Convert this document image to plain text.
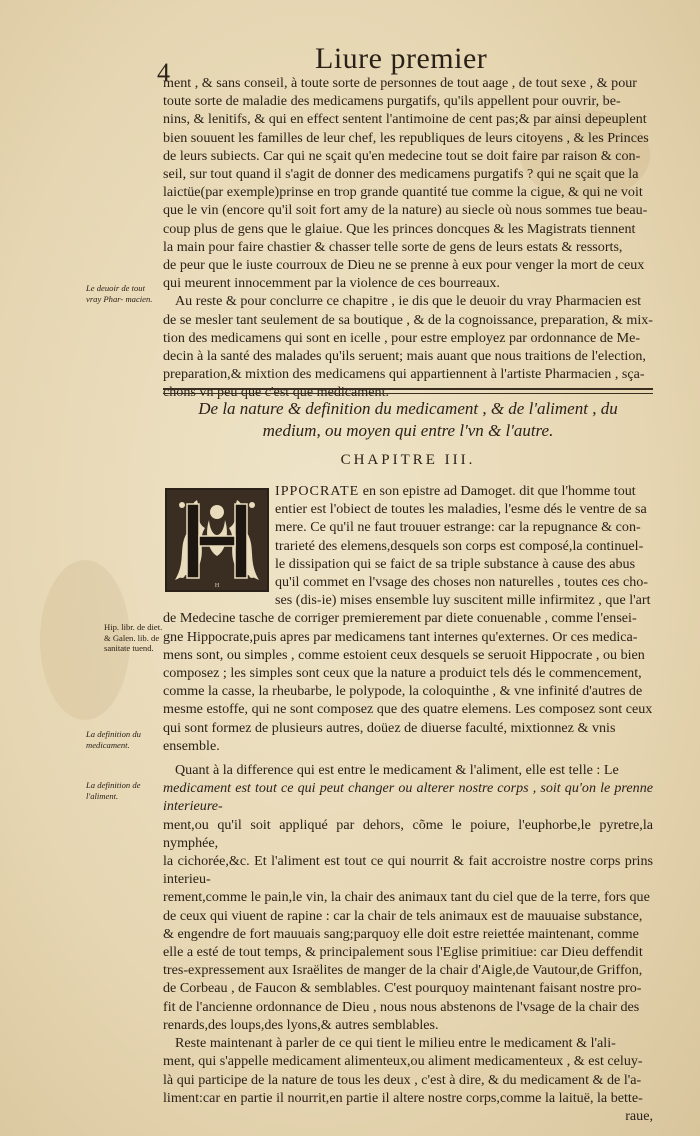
4	Liure premier

ment , & sans conseil, à toute sorte de personnes de tout aage , de tout sexe , & pour

toute sorte de maladie des medicamens purgatifs, qu'ils appellent pour ouvrir, be-

nins, & lenitifs, & qui en effect sentent l'antimoine de cent pas;& par ainsi depeuplent

bien souuent les familles de leur chef, les republiques de leurs citoyens , & les Princes

de leurs subiects. Car qui ne sçait qu'en medecine tout se doit faire par raison & con-

seil, sur tout quand il s'agit de donner des medicamens purgatifs ? qui ne sçait que la

laictüe(par exemple)prinse en trop grande quantité tue comme la cigue, & qui ne voit

que le vin (encore qu'il soit fort amy de la nature) au siecle où nous sommes tue beau-

coup plus de gens que le glaiue. Que les princes doncques & les Magistrats tiennent

la main pour faire chastier & chasser telle sorte de gens de leurs estats & ressorts,

de peur que le iuste courroux de Dieu ne se prenne à eux pour venger la mort de ceux

qui meurent innocemment par la violence de ces bourreaux.

Au reste & pour conclurre ce chapitre , ie dis que le deuoir du vray Pharmacien est

de se mesler tant seulement de sa boutique , & de la cognoissance, preparation, & mix-

tion des medicamens qui sont en icelle , pour estre employez par ordonnance de Me-

decin à la santé des malades qu'ils seruent; mais auant que nous traitions de l'election,

preparation,& mixtion des medicamens qui appartiennent à l'artiste Pharmacien , sça-

chons vn peu que c'est que medicament.

De la nature & definition du medicament , & de l'aliment , du
medium, ou moyen qui entre l'vn & l'autre.
CHAPITRE III.
H

IPPOCRATE en son epistre ad Damoget. dit que l'homme tout

entier est l'obiect de toutes les maladies, l'esme dés le ventre de sa

mere. Ce qu'il ne faut trouuer estrange: car la repugnance & con-

trarieté des elemens,desquels son corps est composé,la continuel-

le dissipation qui se faict de sa triple substance à cause des abus

qu'il commet en l'vsage des choses non naturelles , toutes ces cho-

ses (dis-ie) mises ensemble luy suscitent mille infirmitez , que l'art

de Medecine tasche de corriger premierement par diete conuenable , comme l'ensei-

gne Hippocrate,puis apres par medicamens tant internes qu'externes. Or ces medica-

mens sont, ou simples , comme estoient ceux desquels se seruoit Hippocrate , ou bien

composez ; les simples sont ceux que la nature a produict tels dés le commencement,

comme la casse, la rheubarbe, le polypode, la coloquinthe , & vne infinité d'autres de

mesme estoffe, qui ne sont composez que des quatre elemens. Les composez sont ceux

qui sont formez de plusieurs autres, doüez de diuerse faculté, mixtionnez & vnis

ensemble.

Quant à la difference qui est entre le medicament & l'aliment, elle est telle : Le

medicament est tout ce qui peut changer ou alterer nostre corps , soit qu'on le prenne interieure-

ment,ou qu'il soit appliqué par dehors, cõme le poiure, l'euphorbe,le pyretre,la nymphée,

la cichorée,&c. Et l'aliment est tout ce qui nourrit & fait accroistre nostre corps prins interieu-

rement,comme le pain,le vin, la chair des animaux tant du ciel que de la terre, fors que

de ceux qui viuent de rapine : car la chair de tels animaux est de mauuaise substance,

& engendre de fort mauuais sang;parquoy elle doit estre reiettée maintenant, comme

elle a esté de tout temps, & principalement sous l'Eglise primitiue: car Dieu deffendit

tres-expressement aux Israëlites de manger de la chair d'Aigle,de Vautour,de Griffon,

de Corbeau , de Faucon & semblables. C'est pourquoy maintenant faisant nostre pro-

fit de l'ancienne ordonnance de Dieu , nous nous abstenons de l'vsage de la chair des

renards,des loups,des lyons,& autres semblables.

Reste maintenant à parler de ce qui tient le milieu entre le medicament & l'ali-

ment, qui s'appelle medicament alimenteux,ou aliment medicamenteux , & est celuy-

là qui participe de la nature de tous les deux , c'est à dire, & du medicament & de l'a-

liment:car en partie il nourrit,en partie il altere nostre corps,comme la laituë, la bette-

raue,

Le deuoir de tout vray Phar- macien.
Hip. libr. de diet. & Galen. lib. de sanitate tuend.
La definition du medicament.
La definition de l'aliment.
